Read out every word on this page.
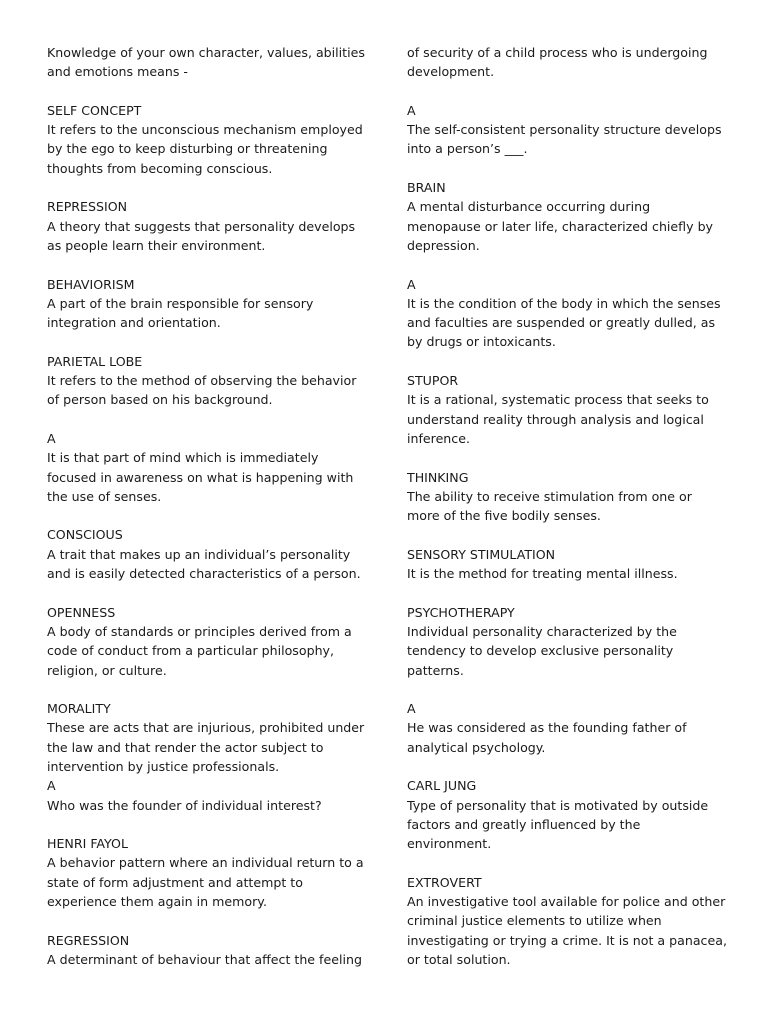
Knowledge of your own character, values, abilities
and emotions means -
SELF CONCEPT
It refers to the unconscious mechanism employed
by the ego to keep disturbing or threatening
thoughts from becoming conscious.
REPRESSION
A theory that suggests that personality develops
as people learn their environment.
BEHAVIORISM
A part of the brain responsible for sensory
integration and orientation.
PARIETAL LOBE
It refers to the method of observing the behavior
of person based on his background.
A
It is that part of mind which is immediately
focused in awareness on what is happening with
the use of senses.
CONSCIOUS
A trait that makes up an individual’s personality
and is easily detected characteristics of a person.
OPENNESS
A body of standards or principles derived from a
code of conduct from a particular philosophy,
religion, or culture.
MORALITY
These are acts that are injurious, prohibited under
the law and that render the actor subject to
intervention by justice professionals.
A
Who was the founder of individual interest?
HENRI FAYOL
A behavior pattern where an individual return to a
state of form adjustment and attempt to
experience them again in memory.
REGRESSION
A determinant of behaviour that affect the feeling
of security of a child process who is undergoing
development.
A
The self-consistent personality structure develops
into a person’s ___.
BRAIN
A mental disturbance occurring during
menopause or later life, characterized chiefly by
depression.
A
It is the condition of the body in which the senses
and faculties are suspended or greatly dulled, as
by drugs or intoxicants.
STUPOR
It is a rational, systematic process that seeks to
understand reality through analysis and logical
inference.
THINKING
The ability to receive stimulation from one or
more of the five bodily senses.
SENSORY STIMULATION
It is the method for treating mental illness.
PSYCHOTHERAPY
Individual personality characterized by the
tendency to develop exclusive personality
patterns.
A
He was considered as the founding father of
analytical psychology.
CARL JUNG
Type of personality that is motivated by outside
factors and greatly influenced by the
environment.
EXTROVERT
An investigative tool available for police and other
criminal justice elements to utilize when
investigating or trying a crime. It is not a panacea,
or total solution.
